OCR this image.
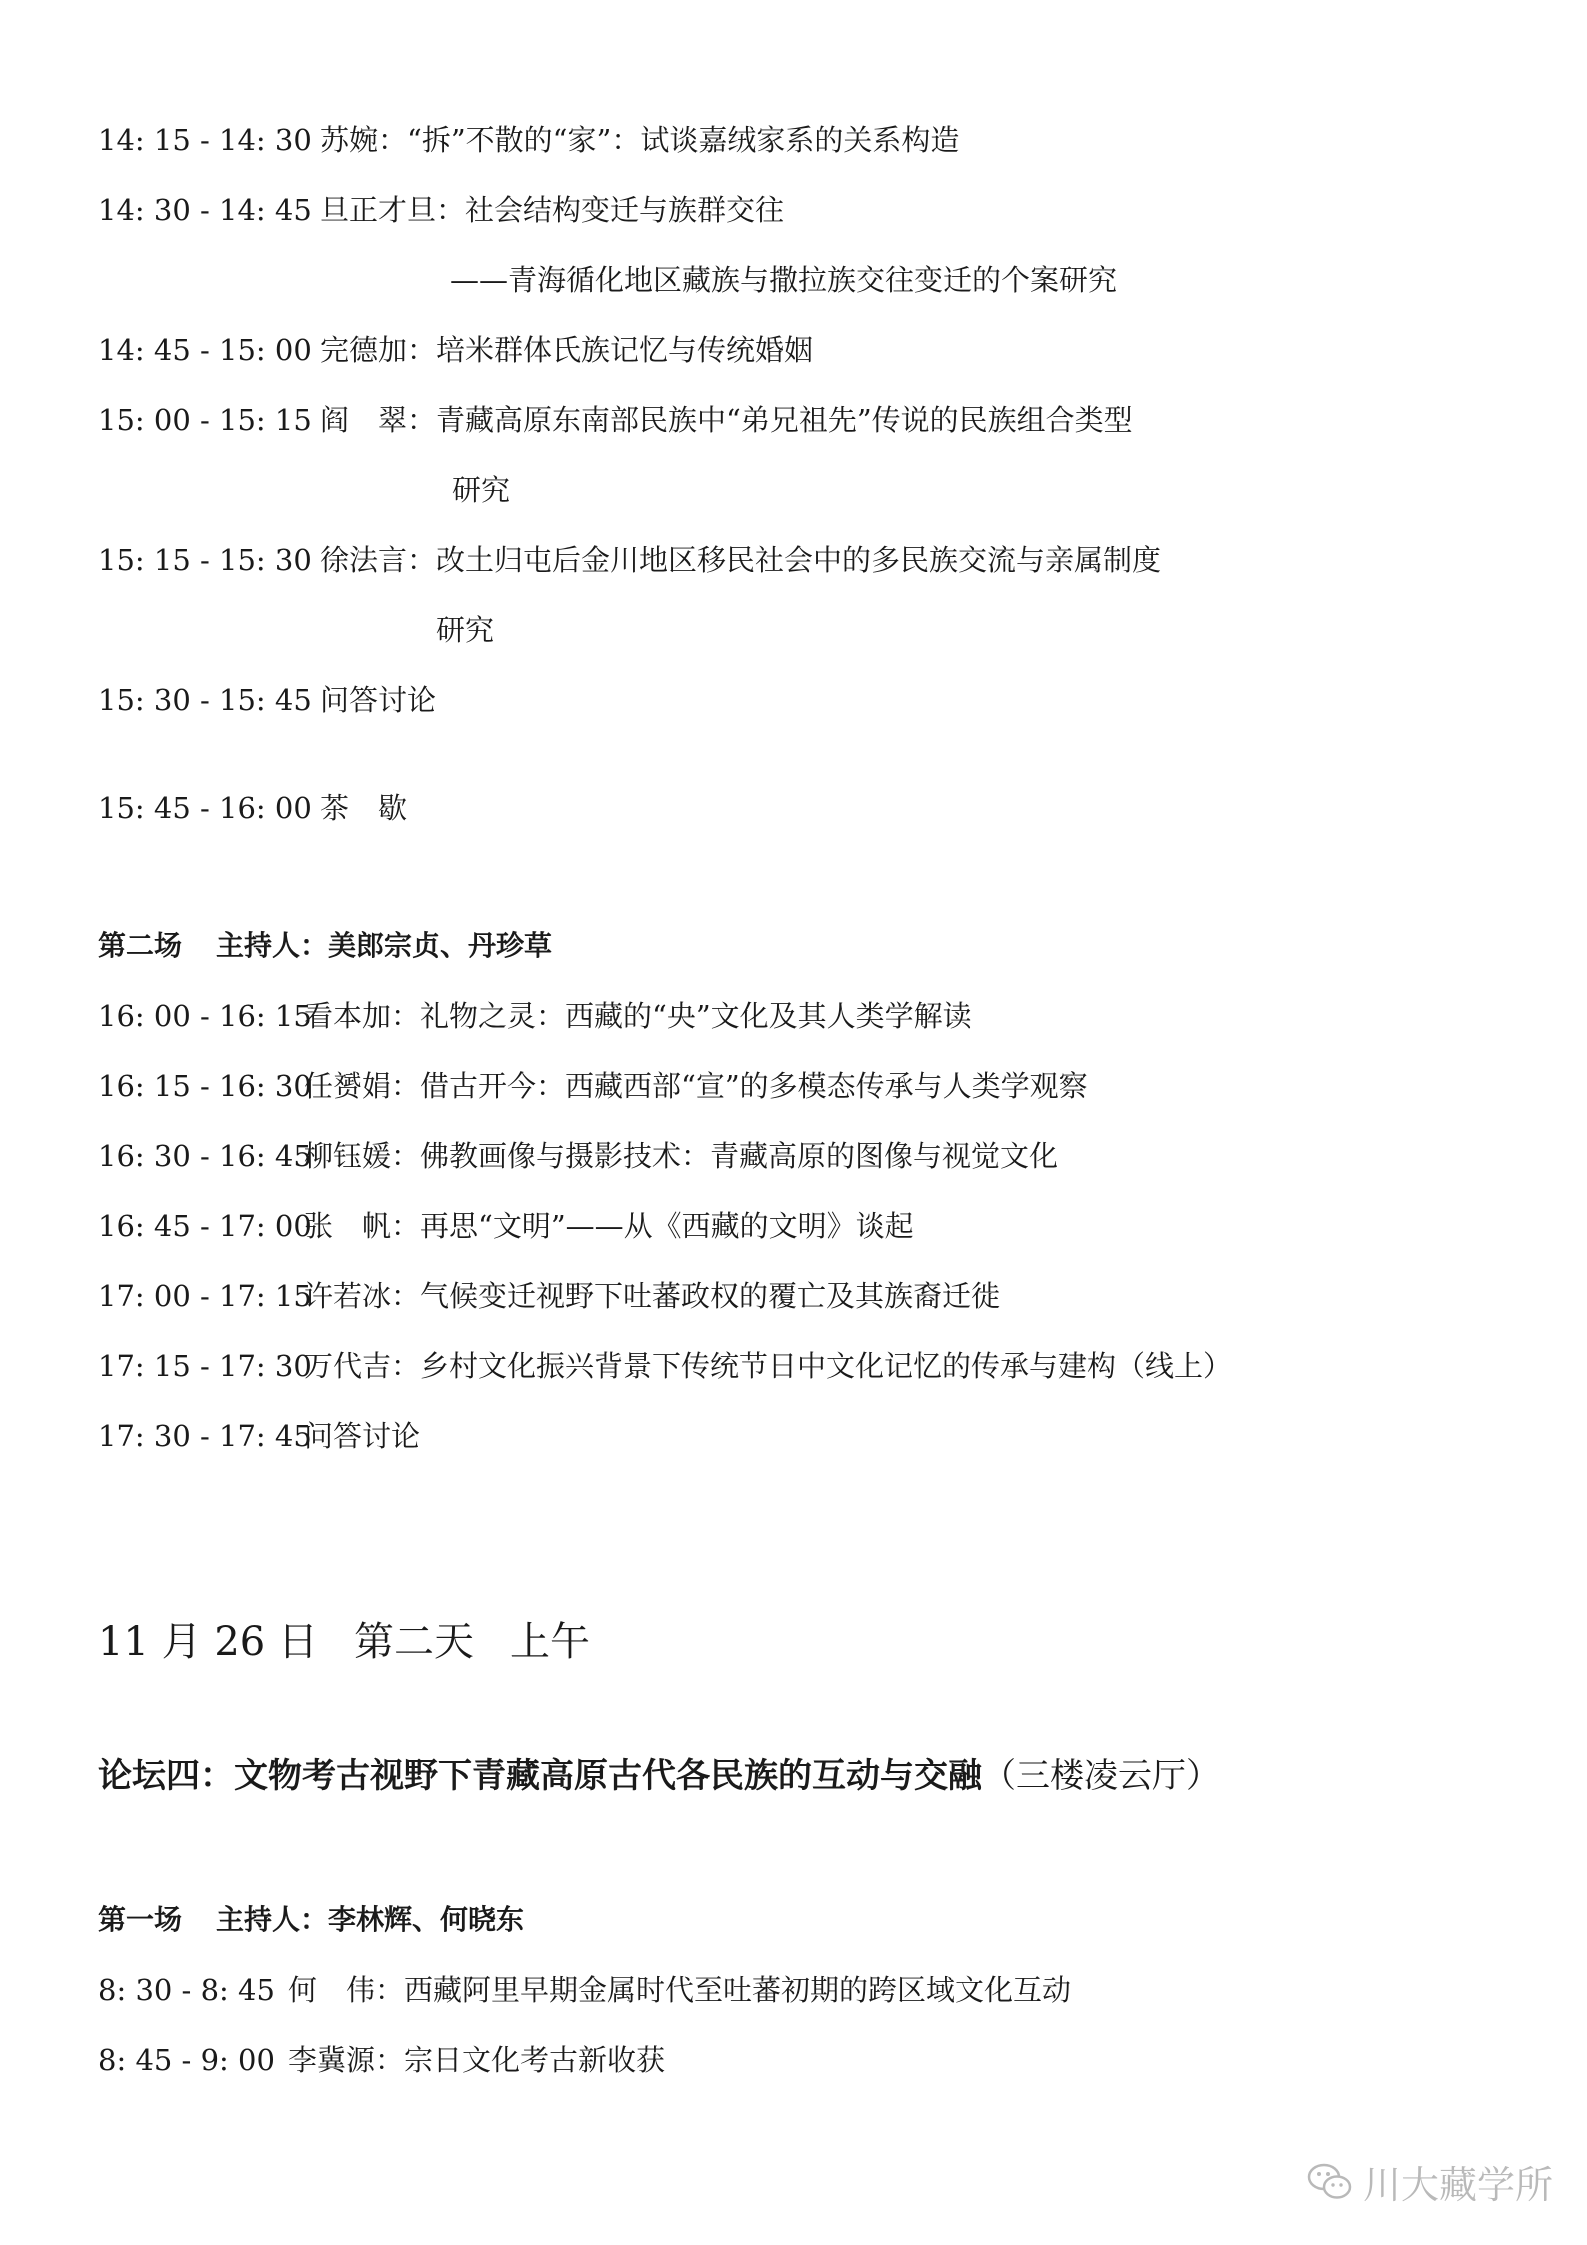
14: 15 - 14: 30 苏婉：“拆”不散的“家”：试谈嘉绒家系的关系构造
14: 30 - 14: 45 旦正才旦：社会结构变迁与族群交往
——青海循化地区藏族与撒拉族交往变迁的个案研究
14: 45 - 15: 00 完德加：培米群体氏族记忆与传统婚姻
15: 00 - 15: 15 阎　翠：青藏高原东南部民族中“弟兄祖先”传说的民族组合类型
研究
15: 15 - 15: 30 徐法言：改土归屯后金川地区移民社会中的多民族交流与亲属制度
研究
15: 30 - 15: 45 问答讨论
15: 45 - 16: 00 茶　歇
第二场 主持人：美郎宗贞、丹珍草
16: 00 - 16: 15看本加：礼物之灵：西藏的“央”文化及其人类学解读
16: 15 - 16: 30任赟娟：借古开今：西藏西部“宣”的多模态传承与人类学观察
16: 30 - 16: 45柳钰媛：佛教画像与摄影技术：青藏高原的图像与视觉文化
16: 45 - 17: 00张　帆：再思“文明”——从《西藏的文明》谈起
17: 00 - 17: 15许若冰：气候变迁视野下吐蕃政权的覆亡及其族裔迁徙
17: 15 - 17: 30万代吉：乡村文化振兴背景下传统节日中文化记忆的传承与建构（线上）
17: 30 - 17: 45问答讨论
11 月 26 日 第二天 上午
论坛四：文物考古视野下青藏高原古代各民族的互动与交融（三楼凌云厅）
第一场 主持人：李林辉、何晓东
8: 30 - 8: 45 何　伟：西藏阿里早期金属时代至吐蕃初期的跨区域文化互动
8: 45 - 9: 00 李冀源：宗日文化考古新收获
川大藏学所
